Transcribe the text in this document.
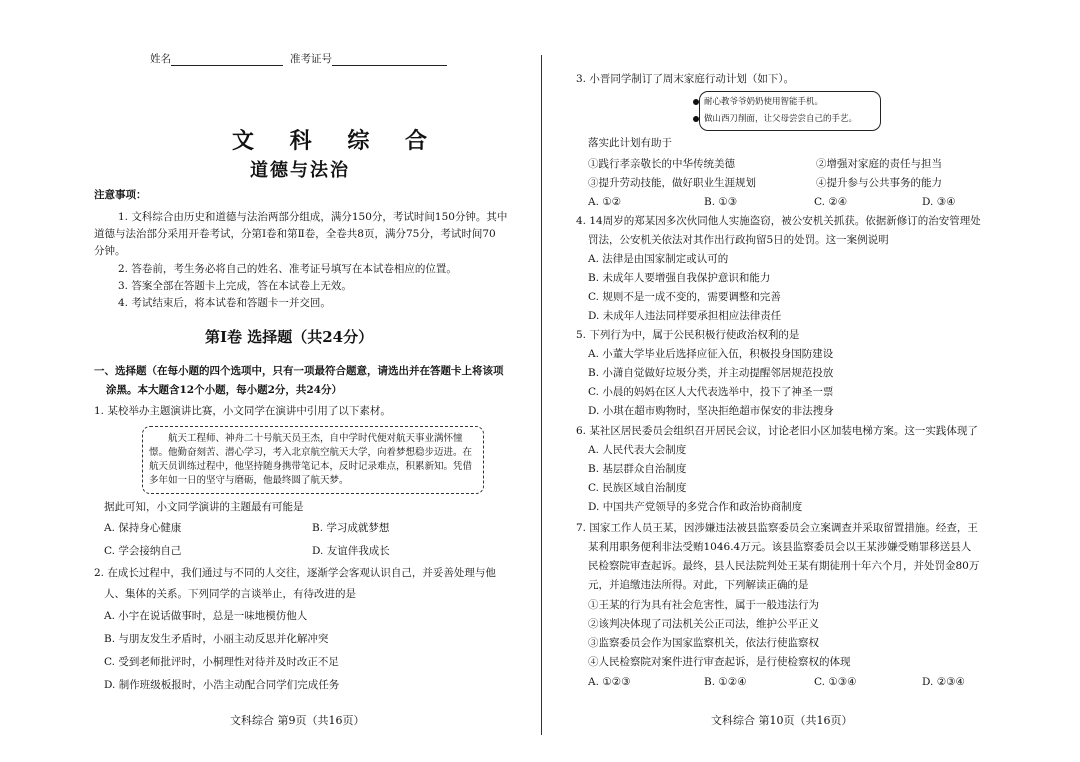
姓名	准考证号
文 科 综 合
道德与法治
注意事项：
1. 文科综合由历史和道德与法治两部分组成，满分150分，考试时间150分钟。其中
道德与法治部分采用开卷考试，分第Ⅰ卷和第Ⅱ卷，全卷共8页，满分75分，考试时间70
分钟。
2. 答卷前，考生务必将自己的姓名、准考证号填写在本试卷相应的位置。
3. 答案全部在答题卡上完成，答在本试卷上无效。
4. 考试结束后，将本试卷和答题卡一并交回。
第Ⅰ卷 选择题（共24分）
一、选择题（在每小题的四个选项中，只有一项最符合题意，请选出并在答题卡上将该项
涂黑。本大题含12个小题，每小题2分，共24分）
1. 某校举办主题演讲比赛，小文同学在演讲中引用了以下素材。
航天工程师、神舟二十号航天员王杰，自中学时代便对航天事业满怀憧
憬。他勤奋刻苦、潜心学习，考入北京航空航天大学，向着梦想稳步迈进。在
航天员训练过程中，他坚持随身携带笔记本，反时记录难点，积累新知。凭借
多年如一日的坚守与磨砺，他最终圆了航天梦。
据此可知，小文同学演讲的主题最有可能是
A. 保持身心健康	B. 学习成就梦想
C. 学会接纳自己	D. 友谊伴我成长
2. 在成长过程中，我们通过与不同的人交往，逐渐学会客观认识自己，并妥善处理与他
人、集体的关系。下列同学的言谈举止，有待改进的是
A. 小宇在说话做事时，总是一味地模仿他人
B. 与朋友发生矛盾时，小丽主动反思并化解冲突
C. 受到老师批评时，小桐理性对待并及时改正不足
D. 制作班级板报时，小浩主动配合同学们完成任务
文科综合 第9页（共16页）
3. 小晋同学制订了周末家庭行动计划（如下）。
耐心教爷爷奶奶使用智能手机。
做山西刀削面，让父母尝尝自己的手艺。
落实此计划有助于
①践行孝亲敬长的中华传统美德	②增强对家庭的责任与担当
③提升劳动技能，做好职业生涯规划	④提升参与公共事务的能力
A. ①②	B. ①③	C. ②④	D. ③④
4. 14周岁的郑某因多次伙同他人实施盗窃，被公安机关抓获。依据新修订的治安管理处
罚法，公安机关依法对其作出行政拘留5日的处罚。这一案例说明
A. 法律是由国家制定或认可的
B. 未成年人要增强自我保护意识和能力
C. 规则不是一成不变的，需要调整和完善
D. 未成年人违法同样要承担相应法律责任
5. 下列行为中，属于公民积极行使政治权利的是
A. 小董大学毕业后选择应征入伍，积极投身国防建设
B. 小潇自觉做好垃圾分类，并主动提醒邻居规范投放
C. 小晨的妈妈在区人大代表选举中，投下了神圣一票
D. 小琪在超市购物时，坚决拒绝超市保安的非法搜身
6. 某社区居民委员会组织召开居民会议，讨论老旧小区加装电梯方案。这一实践体现了
A. 人民代表大会制度
B. 基层群众自治制度
C. 民族区域自治制度
D. 中国共产党领导的多党合作和政治协商制度
7. 国家工作人员王某，因涉嫌违法被县监察委员会立案调查并采取留置措施。经查，王
某利用职务便利非法受贿1046.4万元。该县监察委员会以王某涉嫌受贿罪移送县人
民检察院审查起诉。最终，县人民法院判处王某有期徒刑十年六个月，并处罚金80万
元，并追缴违法所得。对此，下列解读正确的是
①王某的行为具有社会危害性，属于一般违法行为
②该判决体现了司法机关公正司法，维护公平正义
③监察委员会作为国家监察机关，依法行使监察权
④人民检察院对案件进行审查起诉，是行使检察权的体现
A. ①②③	B. ①②④	C. ①③④	D. ②③④
文科综合 第10页（共16页）
